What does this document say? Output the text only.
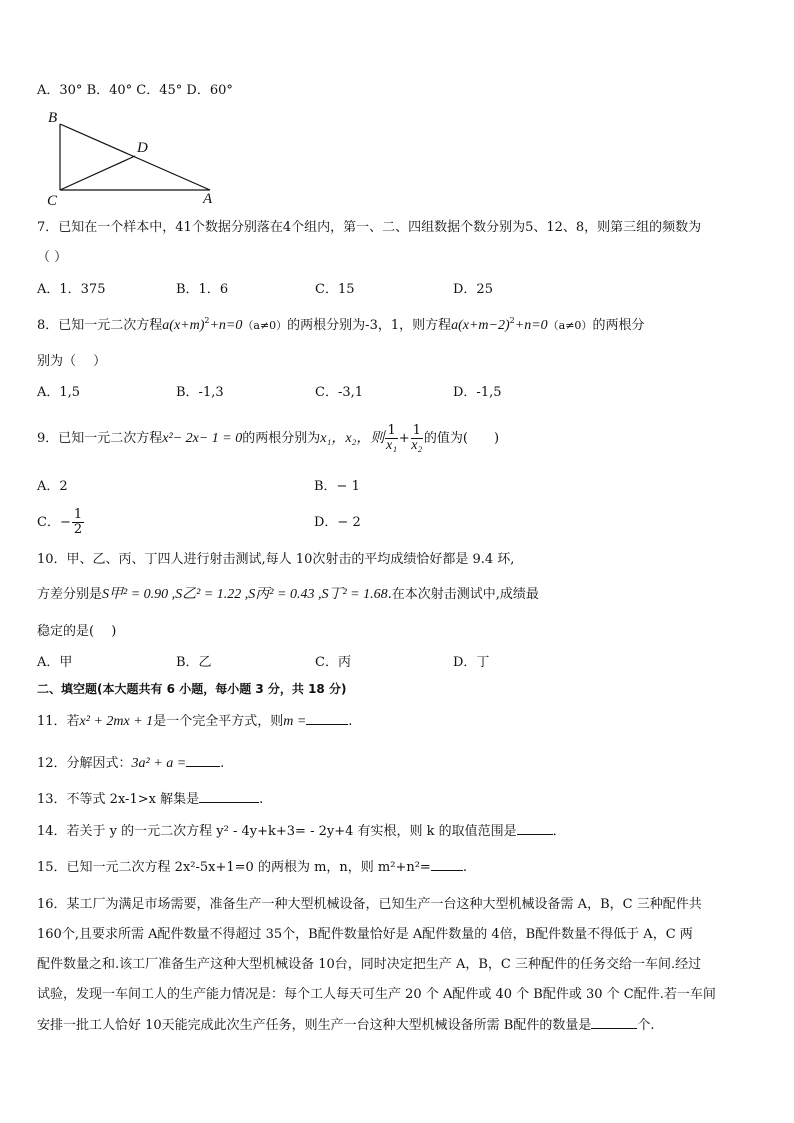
A．30° B．40° C．45° D．60°
B
D
C	A
7．已知在一个样本中，41个数据分别落在4个组内，第一、二、四组数据个数分别为5、12、8，则第三组的频数为
（ ）
A．1．375	B．1．6	C．15	D．25
8．已知一元二次方程$a(x+m)^2+n=0(a\ne 0)$的两根分别为-3，1，则方程$a(x+m-2)^2+n=0(a\ne 0)$的两根分
别为（　 ）
A．1,5	B．-1,3	C．-3,1	D．-1,5
9．已知一元二次方程x²− 2x− 1 = 0的两根分别为x₁，x₂，则 $\frac{1}{\text{x₁}} + \frac{1}{\text{x₂}}$ 的值为(　　)
A．2	B．− 1
C．− $\frac{1}{2}$	D．− 2
10．甲、乙、丙、丁四人进行射击测试,每人 10次射击的平均成绩恰好都是 9.4 环,
方差分别是S甲² = 0.90 ,S乙² = 1.22 ,S丙² = 0.43 ,S丁² = 1.68.在本次射击测试中,成绩最
稳定的是(　 )
A．甲	B．乙	C．丙	D．丁
二、填空题(本大题共有 6 小题，每小题 3 分，共 18 分)
11．若x² + 2mx + 1是一个完全平方式，则m =	.
12．分解因式：3a² + a =	.
13．不等式 2x-1>x 解集是	.
14．若关于 y 的一元二次方程 y² - 4y+k+3= - 2y+4 有实根，则 k 的取值范围是	．
15．已知一元二次方程 2x²-5x+1=0 的两根为 m，n，则 m²+n²= .
16．某工厂为满足市场需要，准备生产一种大型机械设备，已知生产一台这种大型机械设备需 A，B，C 三种配件共
160个,且要求所需 A配件数量不得超过 35个，B配件数量恰好是 A配件数量的 4倍，B配件数量不得低于 A，C 两
配件数量之和.该工厂准备生产这种大型机械设备 10台，同时决定把生产 A，B，C 三种配件的任务交给一车间.经过
试验，发现一车间工人的生产能力情况是：每个工人每天可生产 20 个 A配件或 40 个 B配件或 30 个 C配件.若一车间
安排一批工人恰好 10天能完成此次生产任务，则生产一台这种大型机械设备所需 B配件的数量是	个.
